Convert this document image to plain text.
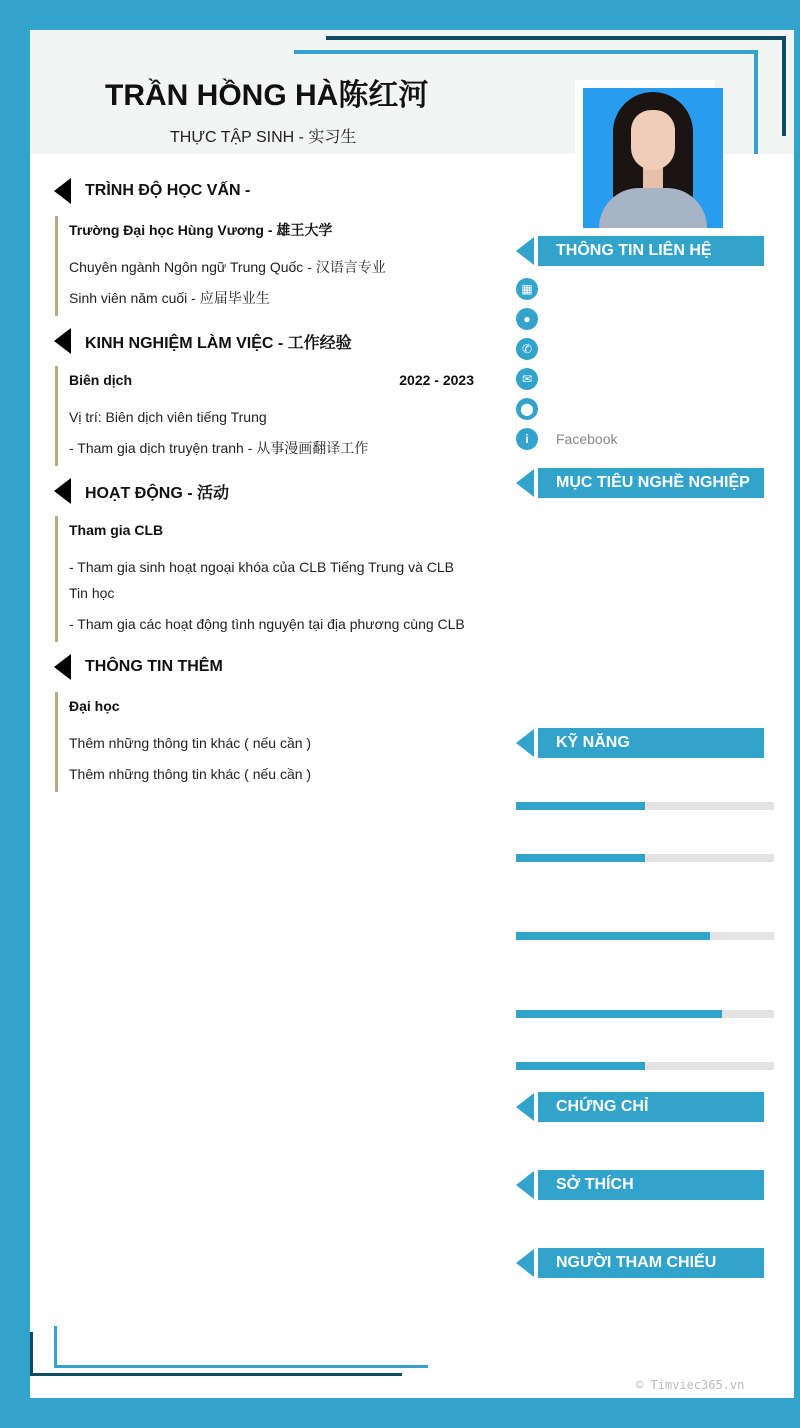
TRẦN HỒNG HÀ陈红河
THỰC TẬP SINH - 实习生
TRÌNH ĐỘ HỌC VẤN -
Trường Đại học Hùng Vương - 雄王大学
Chuyên ngành Ngôn ngữ Trung Quốc - 汉语言专业
Sinh viên năm cuối - 应届毕业生
KINH NGHIỆM LÀM VIỆC - 工作经验
Biên dịch	2022 - 2023
Vị trí: Biên dịch viên tiếng Trung
- Tham gia dịch truyện tranh - 从事漫画翻译工作
HOẠT ĐỘNG - 活动
Tham gia CLB
- Tham gia sinh hoạt ngoại khóa của CLB Tiếng Trung và CLB Tin học
- Tham gia các hoạt động tình nguyện tại địa phương cùng CLB
THÔNG TIN THÊM
Đại học
Thêm những thông tin khác ( nếu cần )
Thêm những thông tin khác ( nếu cần )
THÔNG TIN LIÊN HỆ
▦
●
✆
✉
⬤
i	Facebook
MỤC TIÊU NGHỀ NGHIỆP
KỸ NĂNG
CHỨNG CHỈ
SỞ THÍCH
NGƯỜI THAM CHIẾU
© Timviec365.vn
